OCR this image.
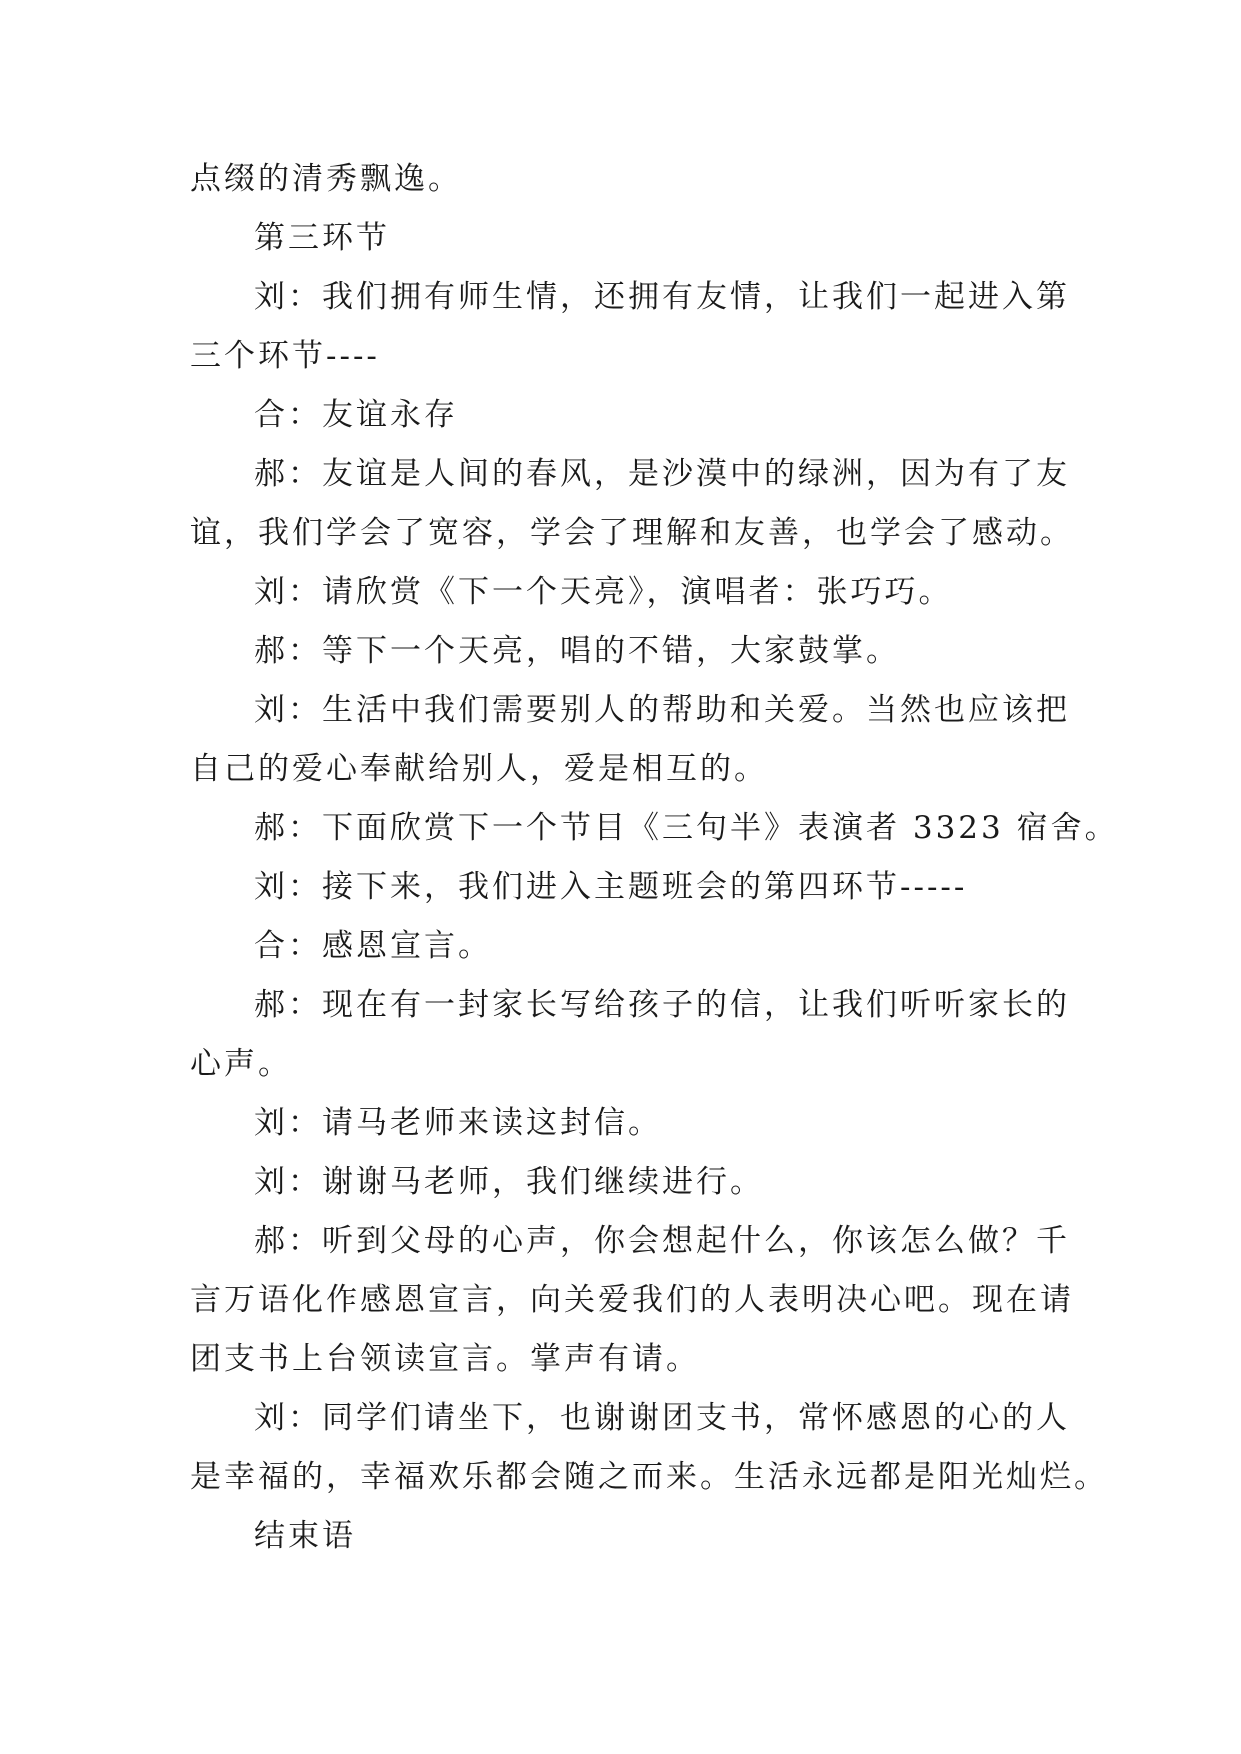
点缀的清秀飘逸。
第三环节
刘：我们拥有师生情，还拥有友情，让我们一起进入第
三个环节----
合：友谊永存
郝：友谊是人间的春风，是沙漠中的绿洲，因为有了友
谊，我们学会了宽容，学会了理解和友善，也学会了感动。
刘：请欣赏《下一个天亮》，演唱者：张巧巧。
郝：等下一个天亮，唱的不错，大家鼓掌。
刘：生活中我们需要别人的帮助和关爱。当然也应该把
自己的爱心奉献给别人，爱是相互的。
郝：下面欣赏下一个节目《三句半》表演者 3323 宿舍。
刘：接下来，我们进入主题班会的第四环节-----
合：感恩宣言。
郝：现在有一封家长写给孩子的信，让我们听听家长的
心声。
刘：请马老师来读这封信。
刘：谢谢马老师，我们继续进行。
郝：听到父母的心声，你会想起什么，你该怎么做？千
言万语化作感恩宣言，向关爱我们的人表明决心吧。现在请
团支书上台领读宣言。掌声有请。
刘：同学们请坐下，也谢谢团支书，常怀感恩的心的人
是幸福的，幸福欢乐都会随之而来。生活永远都是阳光灿烂。
结束语
